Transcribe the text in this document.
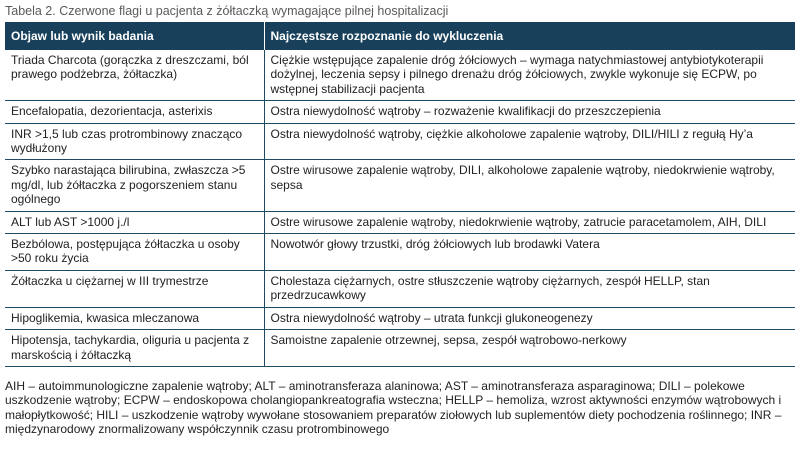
Tabela 2. Czerwone flagi u pacjenta z żółtaczką wymagające pilnej hospitalizacji
Objaw lub wynik badania	Najczęstsze rozpoznanie do wykluczenia
Triada Charcota (gorączka z dreszczami, ból prawego podżebrza, żółtaczka)	Ciężkie wstępujące zapalenie dróg żółciowych – wymaga natychmiastowej antybiotykoterapii dożylnej, leczenia sepsy i pilnego drenażu dróg żółciowych, zwykle wykonuje się ECPW, po wstępnej stabilizacji pacjenta
Encefalopatia, dezorientacja, asterixis	Ostra niewydolność wątroby – rozważenie kwalifikacji do przeszczepienia
INR >1,5 lub czas protrombinowy znacząco wydłużony	Ostra niewydolność wątroby, ciężkie alkoholowe zapalenie wątroby, DILI/HILI z regułą Hy’a
Szybko narastająca bilirubina, zwłaszcza >5 mg/dl, lub żółtaczka z pogorszeniem stanu ogólnego	Ostre wirusowe zapalenie wątroby, DILI, alkoholowe zapalenie wątroby, niedokrwienie wątroby, sepsa
ALT lub AST >1000 j./l	Ostre wirusowe zapalenie wątroby, niedokrwienie wątroby, zatrucie paracetamolem, AIH, DILI
Bezbólowa, postępująca żółtaczka u osoby >50 roku życia	Nowotwór głowy trzustki, dróg żółciowych lub brodawki Vatera
Żółtaczka u ciężarnej w III trymestrze	Cholestaza ciężarnych, ostre stłuszczenie wątroby ciężarnych, zespół HELLP, stan przedrzucawkowy
Hipoglikemia, kwasica mleczanowa	Ostra niewydolność wątroby – utrata funkcji glukoneogenezy
Hipotensja, tachykardia, oliguria u pacjenta z marskością i żółtaczką	Samoistne zapalenie otrzewnej, sepsa, zespół wątrobowo-nerkowy
AIH – autoimmunologiczne zapalenie wątroby; ALT – aminotransferaza alaninowa; AST – aminotransferaza asparaginowa; DILI – polekowe uszkodzenie wątroby; ECPW – endoskopowa cholangiopankreatografia wsteczna; HELLP – hemoliza, wzrost aktywności enzymów wątrobowych i małopłytkowość; HILI – uszkodzenie wątroby wywołane stosowaniem preparatów ziołowych lub suplementów diety pochodzenia roślinnego; INR – międzynarodowy znormalizowany współczynnik czasu protrombinowego
